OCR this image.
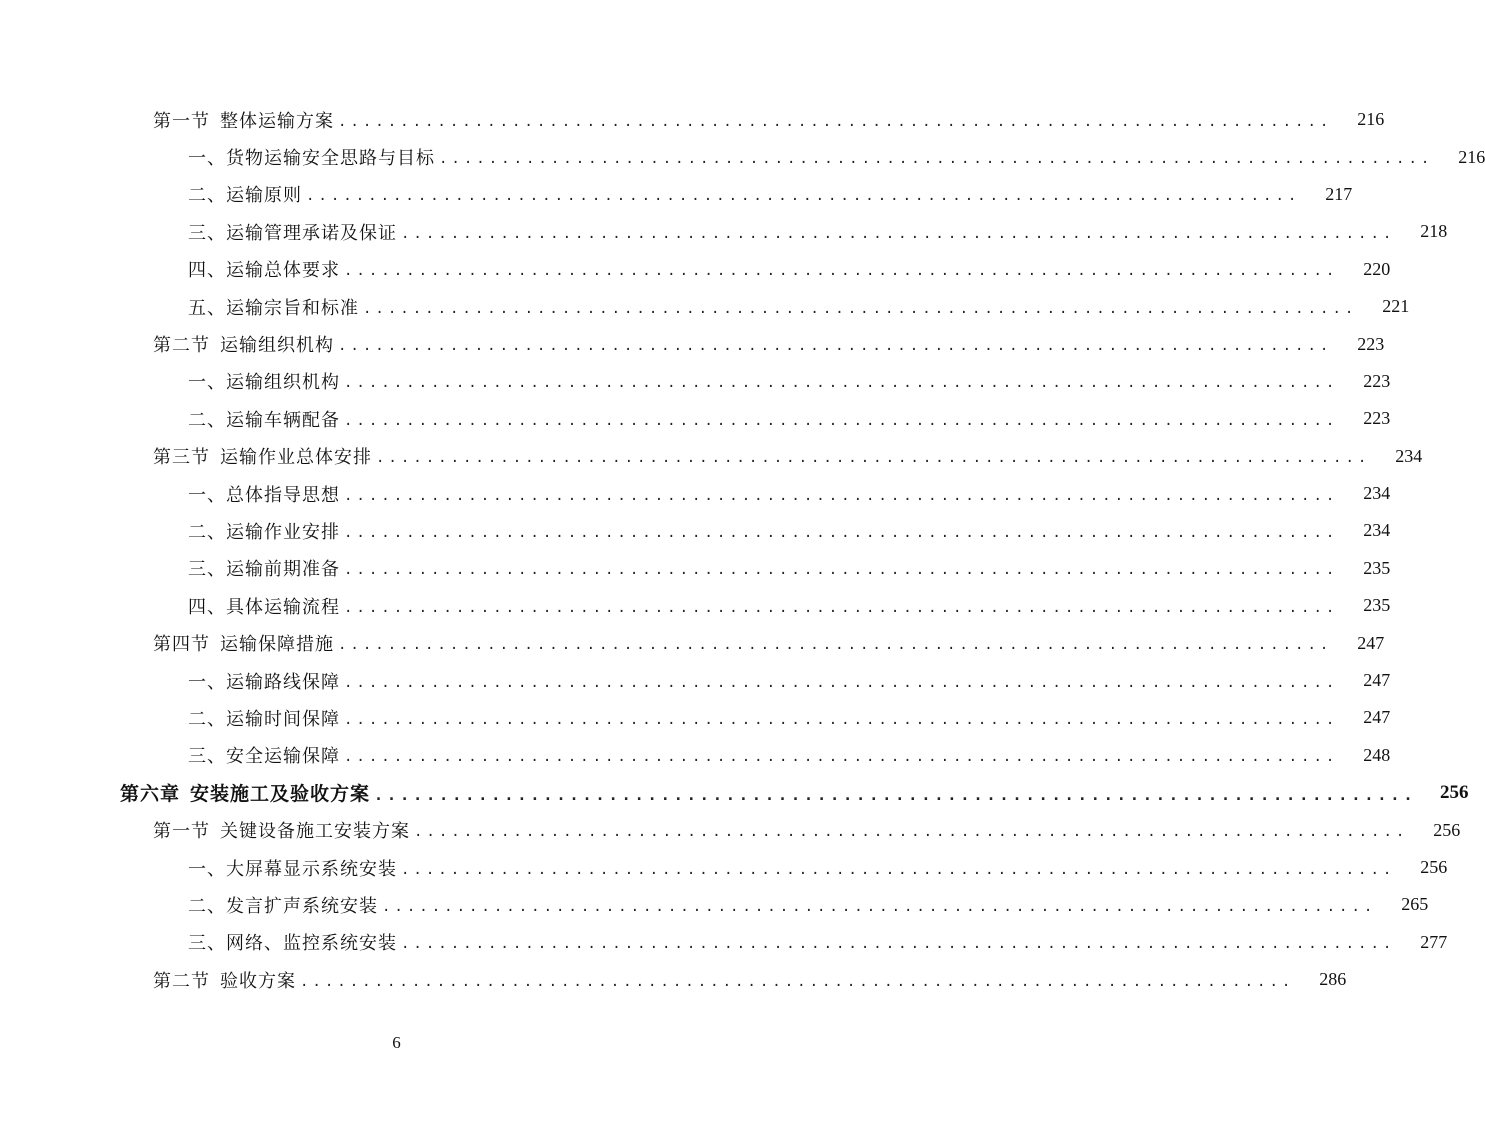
第一节 整体运输方案 ................................................................................	216
一、货物运输安全思路与目标 ................................................................................	216
二、运输原则 ................................................................................	217
三、运输管理承诺及保证 ................................................................................	218
四、运输总体要求 ................................................................................	220
五、运输宗旨和标准 ................................................................................	221
第二节 运输组织机构 ................................................................................	223
一、运输组织机构 ................................................................................	223
二、运输车辆配备 ................................................................................	223
第三节 运输作业总体安排 ................................................................................	234
一、总体指导思想 ................................................................................	234
二、运输作业安排 ................................................................................	234
三、运输前期准备 ................................................................................	235
四、具体运输流程 ................................................................................	235
第四节 运输保障措施 ................................................................................	247
一、运输路线保障 ................................................................................	247
二、运输时间保障 ................................................................................	247
三、安全运输保障 ................................................................................	248
第六章 安装施工及验收方案 ................................................................................	256
第一节 关键设备施工安装方案 ................................................................................	256
一、大屏幕显示系统安装 ................................................................................	256
二、发言扩声系统安装 ................................................................................	265
三、网络、监控系统安装 ................................................................................	277
第二节 验收方案 ................................................................................	286
6
